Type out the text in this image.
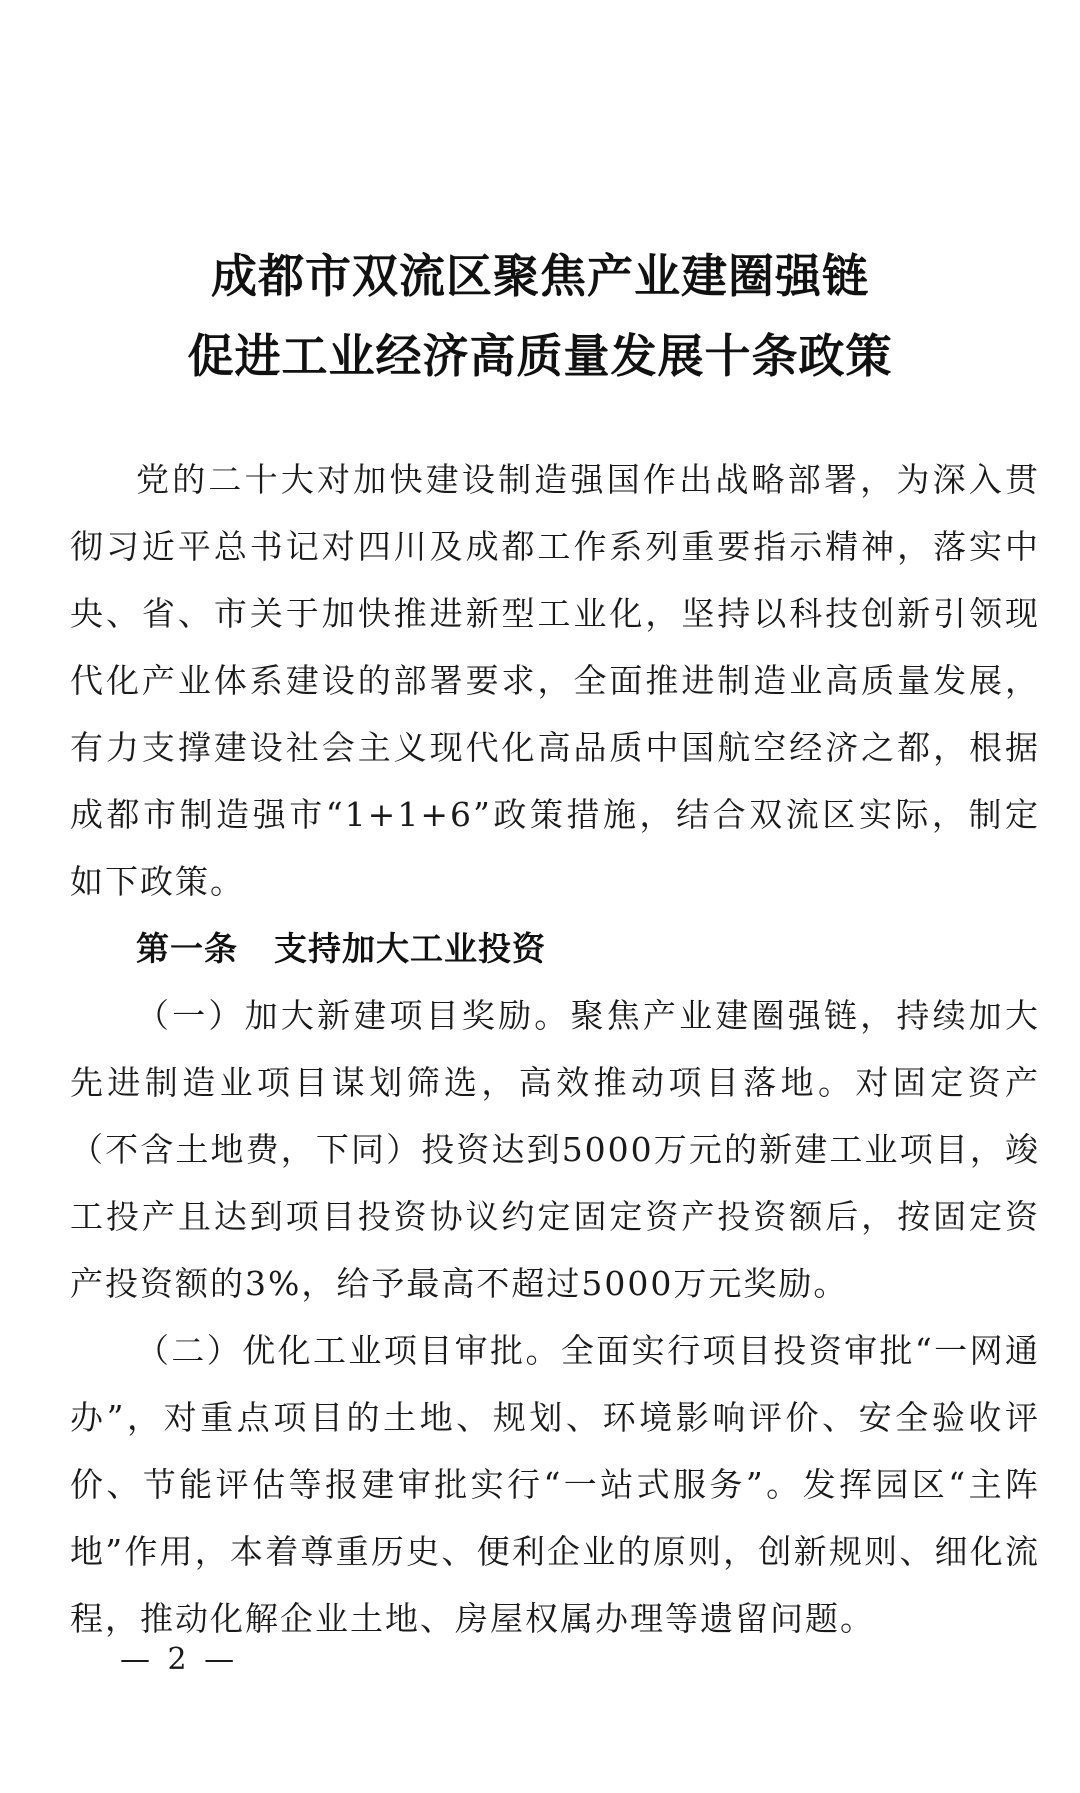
成都市双流区聚焦产业建圈强链
促进工业经济高质量发展十条政策

党的二十大对加快建设制造强国作出战略部署，为深入贯彻习近平总书记对四川及成都工作系列重要指示精神，落实中央、省、市关于加快推进新型工业化，坚持以科技创新引领现代化产业体系建设的部署要求，全面推进制造业高质量发展，有力支撑建设社会主义现代化高品质中国航空经济之都，根据成都市制造强市“1+1+6”政策措施，结合双流区实际，制定如下政策。

第一条 支持加大工业投资

（一）加大新建项目奖励。聚焦产业建圈强链，持续加大先进制造业项目谋划筛选，高效推动项目落地。对固定资产（不含土地费，下同）投资达到5000万元的新建工业项目，竣工投产且达到项目投资协议约定固定资产投资额后，按固定资产投资额的3%，给予最高不超过5000万元奖励。

（二）优化工业项目审批。全面实行项目投资审批“一网通办”，对重点项目的土地、规划、环境影响评价、安全验收评价、节能评估等报建审批实行“一站式服务”。发挥园区“主阵地”作用，本着尊重历史、便利企业的原则，创新规则、细化流程，推动化解企业土地、房屋权属办理等遗留问题。

— 2 —
